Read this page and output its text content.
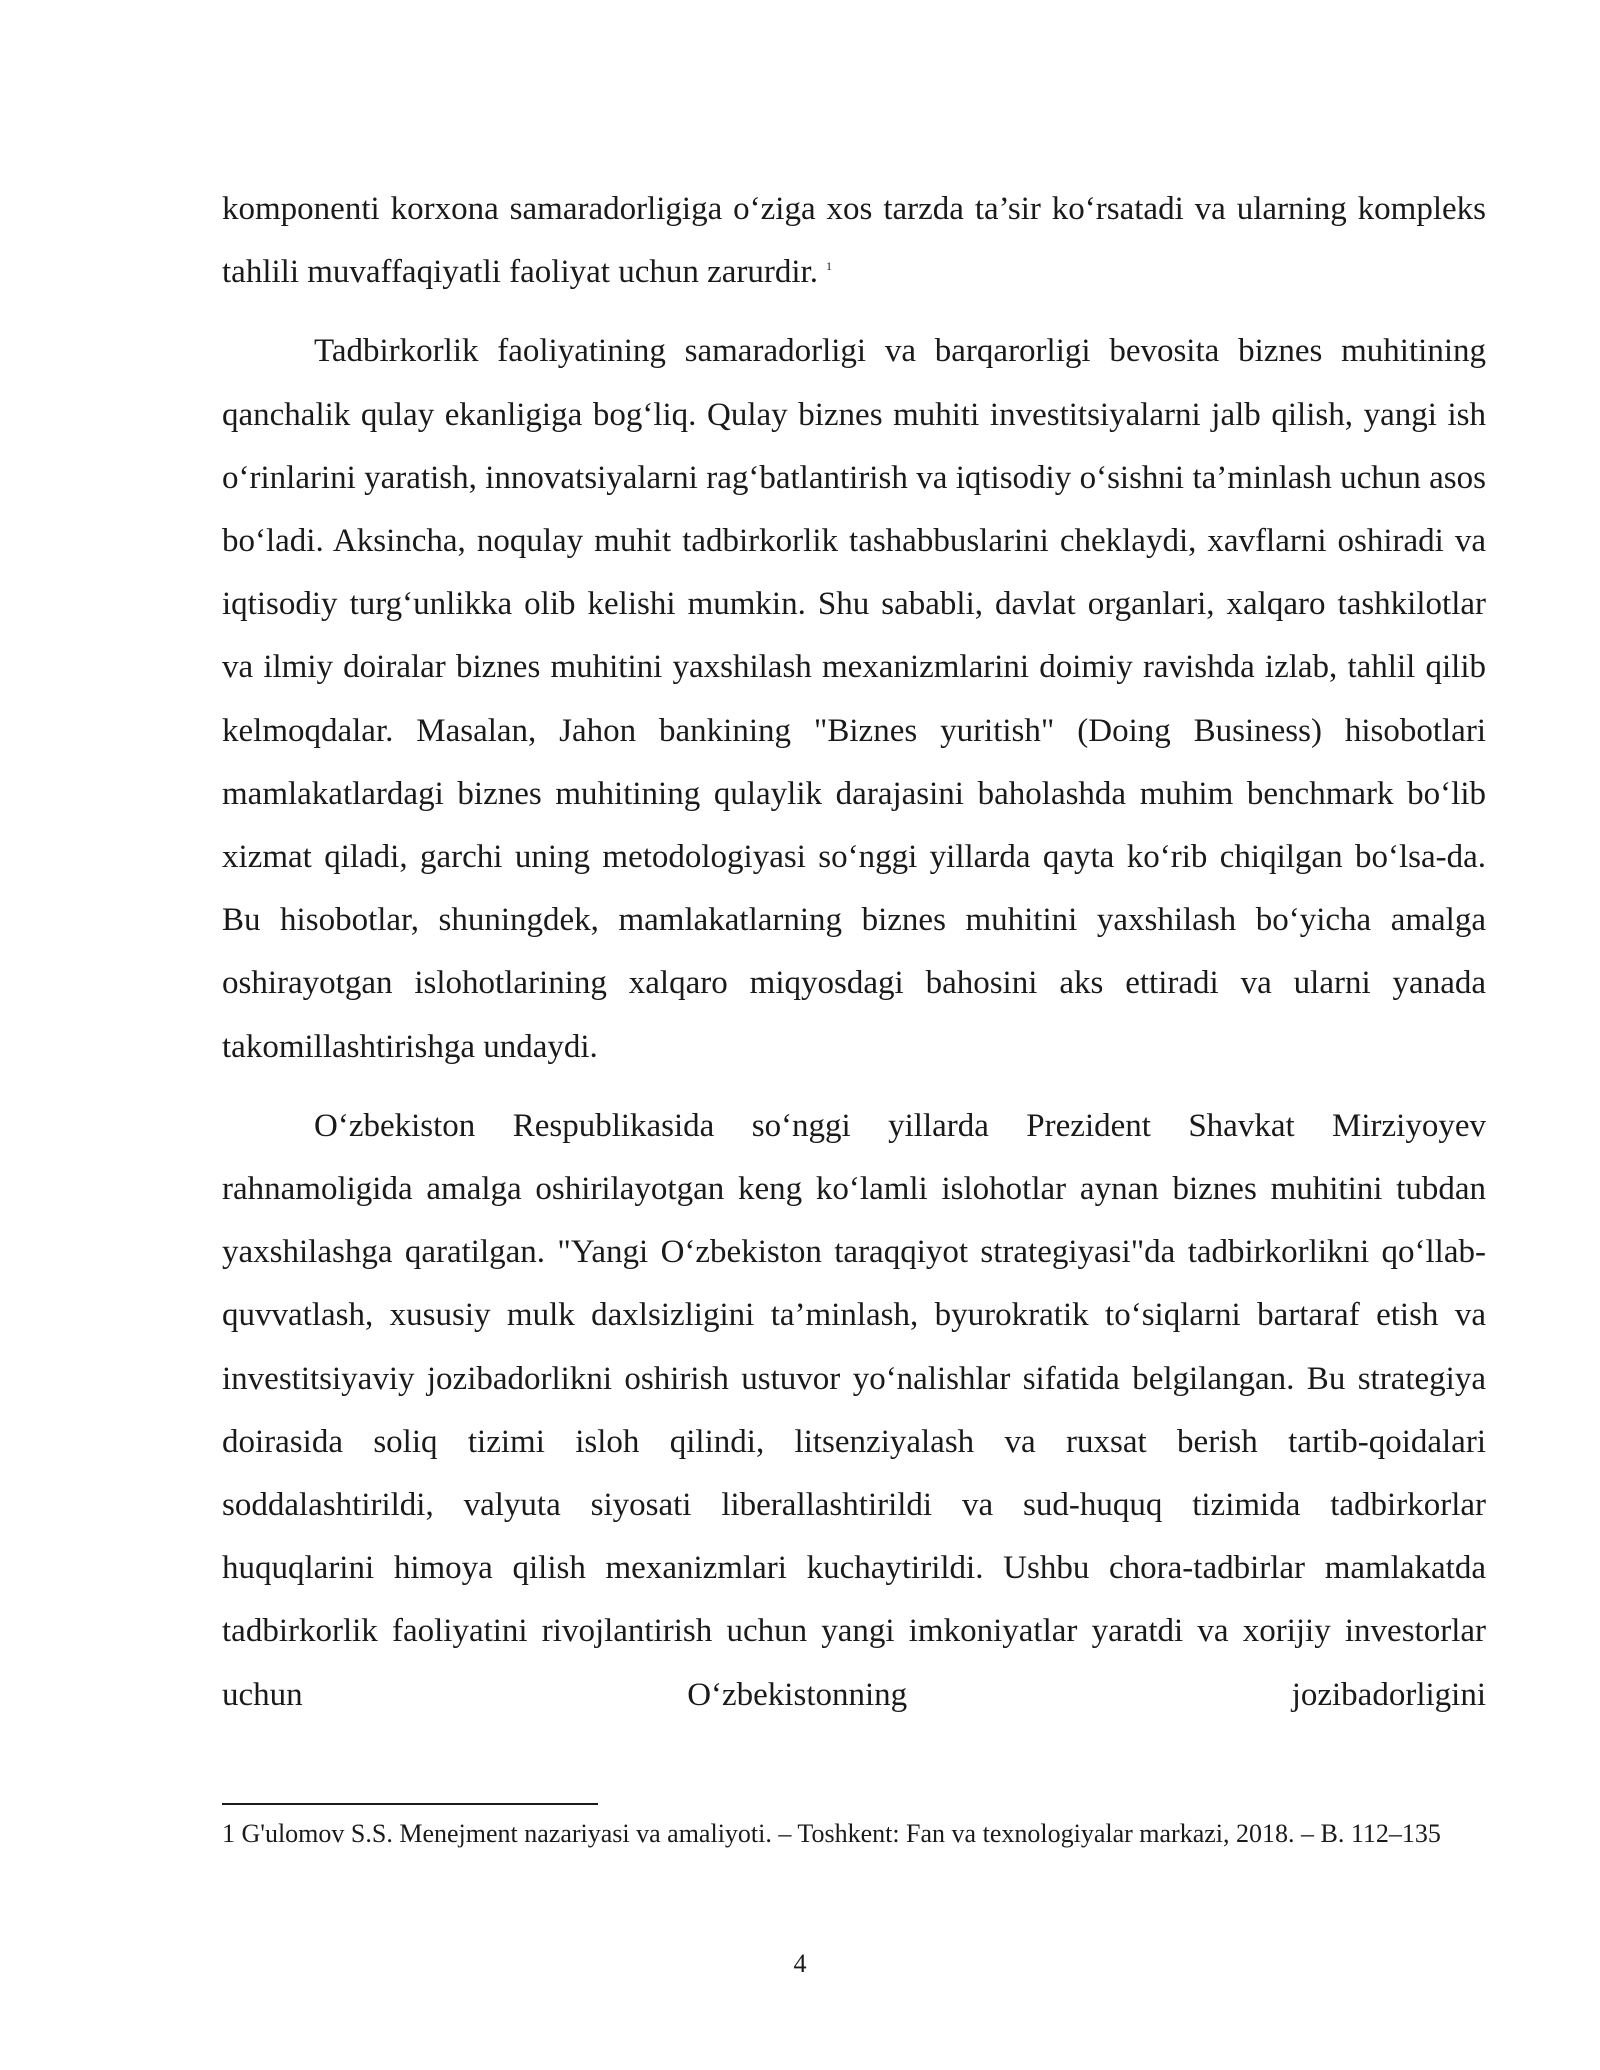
komponenti korxona samaradorligiga o‘ziga xos tarzda ta’sir ko‘rsatadi va ularning kompleks tahlili muvaffaqiyatli faoliyat uchun zarurdir. $^1$

Tadbirkorlik faoliyatining samaradorligi va barqarorligi bevosita biznes muhitining qanchalik qulay ekanligiga bog‘liq. Qulay biznes muhiti investitsiyalarni jalb qilish, yangi ish o‘rinlarini yaratish, innovatsiyalarni rag‘batlantirish va iqtisodiy o‘sishni ta’minlash uchun asos bo‘ladi. Aksincha, noqulay muhit tadbirkorlik tashabbuslarini cheklaydi, xavflarni oshiradi va iqtisodiy turg‘unlikka olib kelishi mumkin. Shu sababli, davlat organlari, xalqaro tashkilotlar va ilmiy doiralar biznes muhitini yaxshilash mexanizmlarini doimiy ravishda izlab, tahlil qilib kelmoqdalar. Masalan, Jahon bankining "Biznes yuritish" (Doing Business) hisobotlari mamlakatlardagi biznes muhitining qulaylik darajasini baholashda muhim benchmark bo‘lib xizmat qiladi, garchi uning metodologiyasi so‘nggi yillarda qayta ko‘rib chiqilgan bo‘lsa-da. Bu hisobotlar, shuningdek, mamlakatlarning biznes muhitini yaxshilash bo‘yicha amalga oshirayotgan islohotlarining xalqaro miqyosdagi bahosini aks ettiradi va ularni yanada takomillashtirishga undaydi.

O‘zbekiston Respublikasida so‘nggi yillarda Prezident Shavkat Mirziyoyev rahnamoligida amalga oshirilayotgan keng ko‘lamli islohotlar aynan biznes muhitini tubdan yaxshilashga qaratilgan. "Yangi O‘zbekiston taraqqiyot strategiyasi"da tadbirkorlikni qo‘llab-quvvatlash, xususiy mulk daxlsizligini ta’minlash, byurokratik to‘siqlarni bartaraf etish va investitsiyaviy jozibadorlikni oshirish ustuvor yo‘nalishlar sifatida belgilangan. Bu strategiya doirasida soliq tizimi isloh qilindi, litsenziyalash va ruxsat berish tartib-qoidalari soddalashtirildi, valyuta siyosati liberallashtirildi va sud-huquq tizimida tadbirkorlar huquqlarini himoya qilish mexanizmlari kuchaytirildi. Ushbu chora-tadbirlar mamlakatda tadbirkorlik faoliyatini rivojlantirish uchun yangi imkoniyatlar yaratdi va xorijiy investorlar uchun O‘zbekistonning jozibadorligini

1 G'ulomov S.S. Menejment nazariyasi va amaliyoti. – Toshkent: Fan va texnologiyalar markazi, 2018. – B. 112–135

4
